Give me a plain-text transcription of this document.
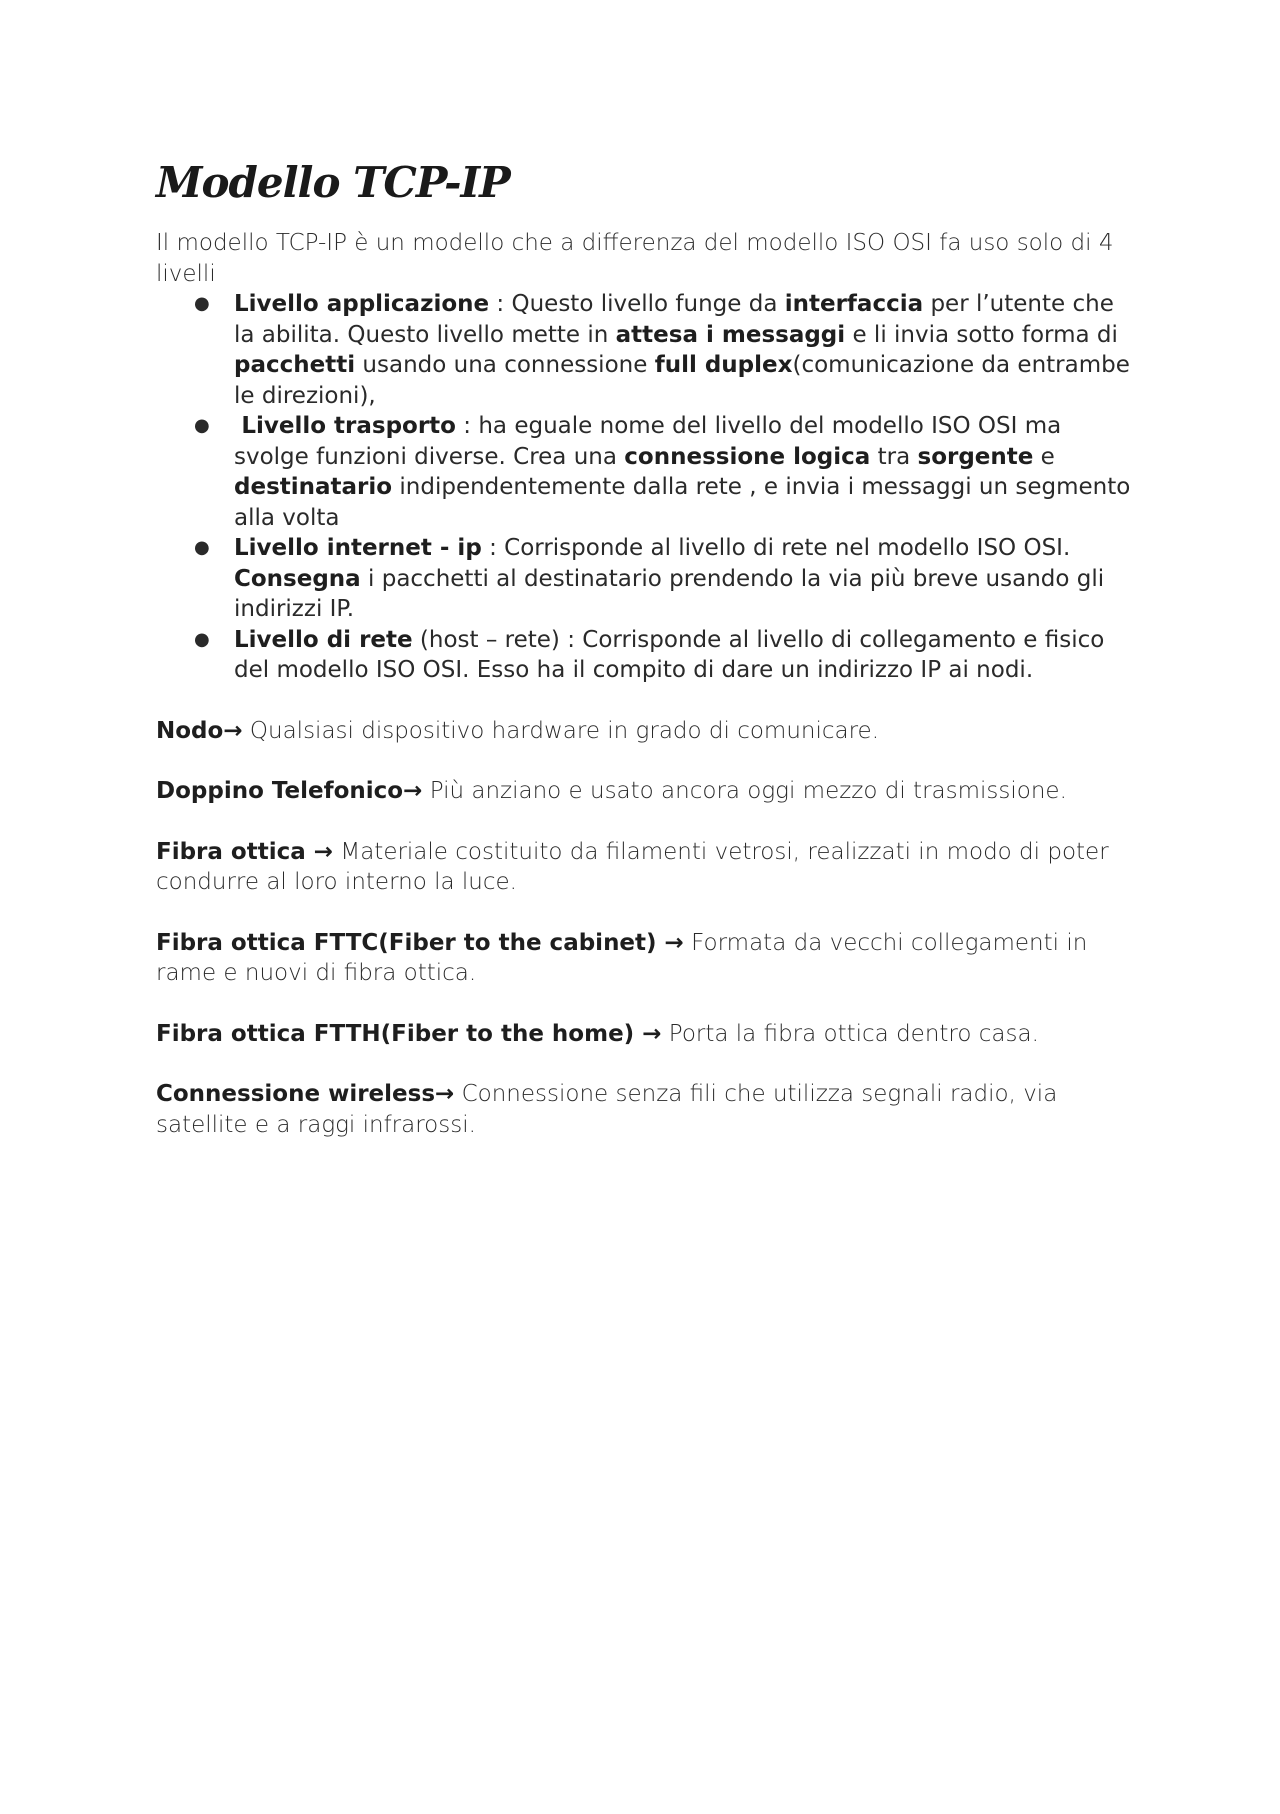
Modello TCP-IP

Il modello TCP-IP è un modello che a differenza del modello ISO OSI fa uso solo di 4 livelli

● Livello applicazione : Questo livello funge da interfaccia per l’utente che la abilita. Questo livello mette in attesa i messaggi e li invia sotto forma di pacchetti usando una connessione full duplex(comunicazione da entrambe le direzioni),
● Livello trasporto : ha eguale nome del livello del modello ISO OSI ma svolge funzioni diverse. Crea una connessione logica tra sorgente e destinatario indipendentemente dalla rete , e invia i messaggi un segmento alla volta
● Livello internet - ip : Corrisponde al livello di rete nel modello ISO OSI. Consegna i pacchetti al destinatario prendendo la via più breve usando gli indirizzi IP.
● Livello di rete (host – rete) : Corrisponde al livello di collegamento e fisico del modello ISO OSI. Esso ha il compito di dare un indirizzo IP ai nodi.

Nodo→ Qualsiasi dispositivo hardware in grado di comunicare.

Doppino Telefonico→ Più anziano e usato ancora oggi mezzo di trasmissione.

Fibra ottica → Materiale costituito da filamenti vetrosi, realizzati in modo di poter condurre al loro interno la luce.

Fibra ottica FTTC(Fiber to the cabinet) → Formata da vecchi collegamenti in rame e nuovi di fibra ottica.

Fibra ottica FTTH(Fiber to the home) → Porta la fibra ottica dentro casa.

Connessione wireless→ Connessione senza fili che utilizza segnali radio, via satellite e a raggi infrarossi.
